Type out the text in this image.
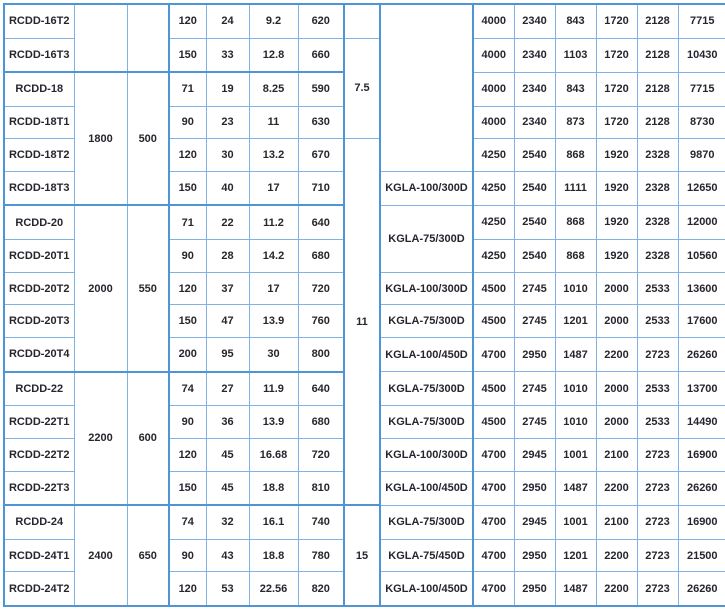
RCDD-16T2			120	24	9.2	620			4000	2340	843	1720	2128	7715
RCDD-16T3			150	33	12.8	660	7.5		4000	2340	1103	1720	2128	10430
RCDD-18	1800	500	71	19	8.25	590			4000	2340	843	1720	2128	7715
RCDD-18T1			90	23	11	630			4000	2340	873	1720	2128	8730
RCDD-18T2			120	30	13.2	670	11		4250	2540	868	1920	2328	9870
RCDD-18T3			150	40	17	710		KGLA-100/300D	4250	2540	1111	1920	2328	12650
RCDD-20	2000	550	71	22	11.2	640		KGLA-75/300D	4250	2540	868	1920	2328	12000
RCDD-20T1			90	28	14.2	680			4250	2540	868	1920	2328	10560
RCDD-20T2			120	37	17	720		KGLA-100/300D	4500	2745	1010	2000	2533	13600
RCDD-20T3			150	47	13.9	760		KGLA-75/300D	4500	2745	1201	2000	2533	17600
RCDD-20T4			200	95	30	800		KGLA-100/450D	4700	2950	1487	2200	2723	26260
RCDD-22	2200	600	74	27	11.9	640		KGLA-75/300D	4500	2745	1010	2000	2533	13700
RCDD-22T1			90	36	13.9	680		KGLA-75/300D	4500	2745	1010	2000	2533	14490
RCDD-22T2			120	45	16.68	720		KGLA-100/300D	4700	2945	1001	2100	2723	16900
RCDD-22T3			150	45	18.8	810		KGLA-100/450D	4700	2950	1487	2200	2723	26260
RCDD-24	2400	650	74	32	16.1	740	15	KGLA-75/300D	4700	2945	1001	2100	2723	16900
RCDD-24T1			90	43	18.8	780		KGLA-75/450D	4700	2950	1201	2200	2723	21500
RCDD-24T2			120	53	22.56	820		KGLA-100/450D	4700	2950	1487	2200	2723	26260
